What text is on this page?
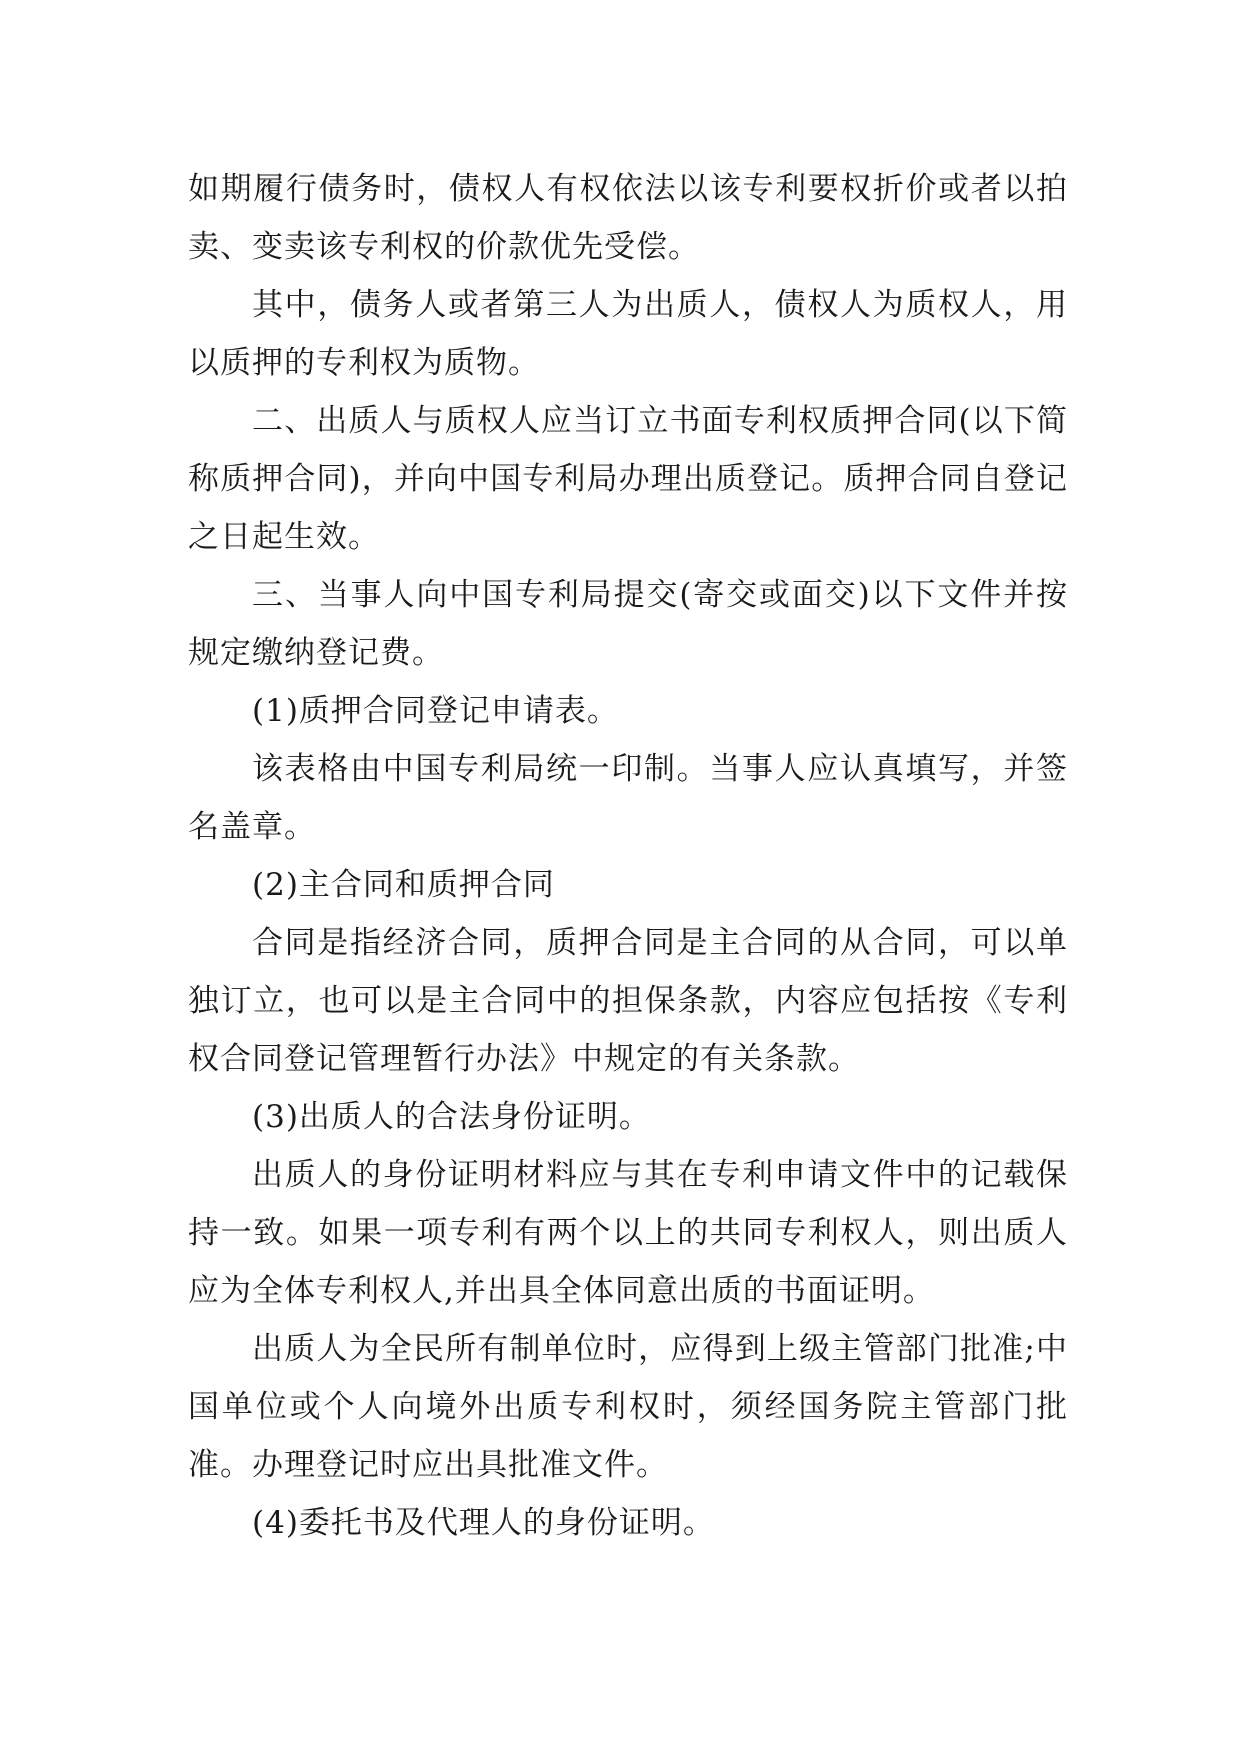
如期履行债务时，债权人有权依法以该专利要权折价或者以拍卖、变卖该专利权的价款优先受偿。

其中，债务人或者第三人为出质人，债权人为质权人，用以质押的专利权为质物。

二、出质人与质权人应当订立书面专利权质押合同(以下简称质押合同)，并向中国专利局办理出质登记。质押合同自登记之日起生效。

三、当事人向中国专利局提交(寄交或面交)以下文件并按规定缴纳登记费。

(1)质押合同登记申请表。

该表格由中国专利局统一印制。当事人应认真填写，并签名盖章。

(2)主合同和质押合同

合同是指经济合同，质押合同是主合同的从合同，可以单独订立，也可以是主合同中的担保条款，内容应包括按《专利权合同登记管理暂行办法》中规定的有关条款。

(3)出质人的合法身份证明。

出质人的身份证明材料应与其在专利申请文件中的记载保持一致。如果一项专利有两个以上的共同专利权人，则出质人应为全体专利权人,并出具全体同意出质的书面证明。

出质人为全民所有制单位时，应得到上级主管部门批准;中国单位或个人向境外出质专利权时，须经国务院主管部门批准。办理登记时应出具批准文件。

(4)委托书及代理人的身份证明。
